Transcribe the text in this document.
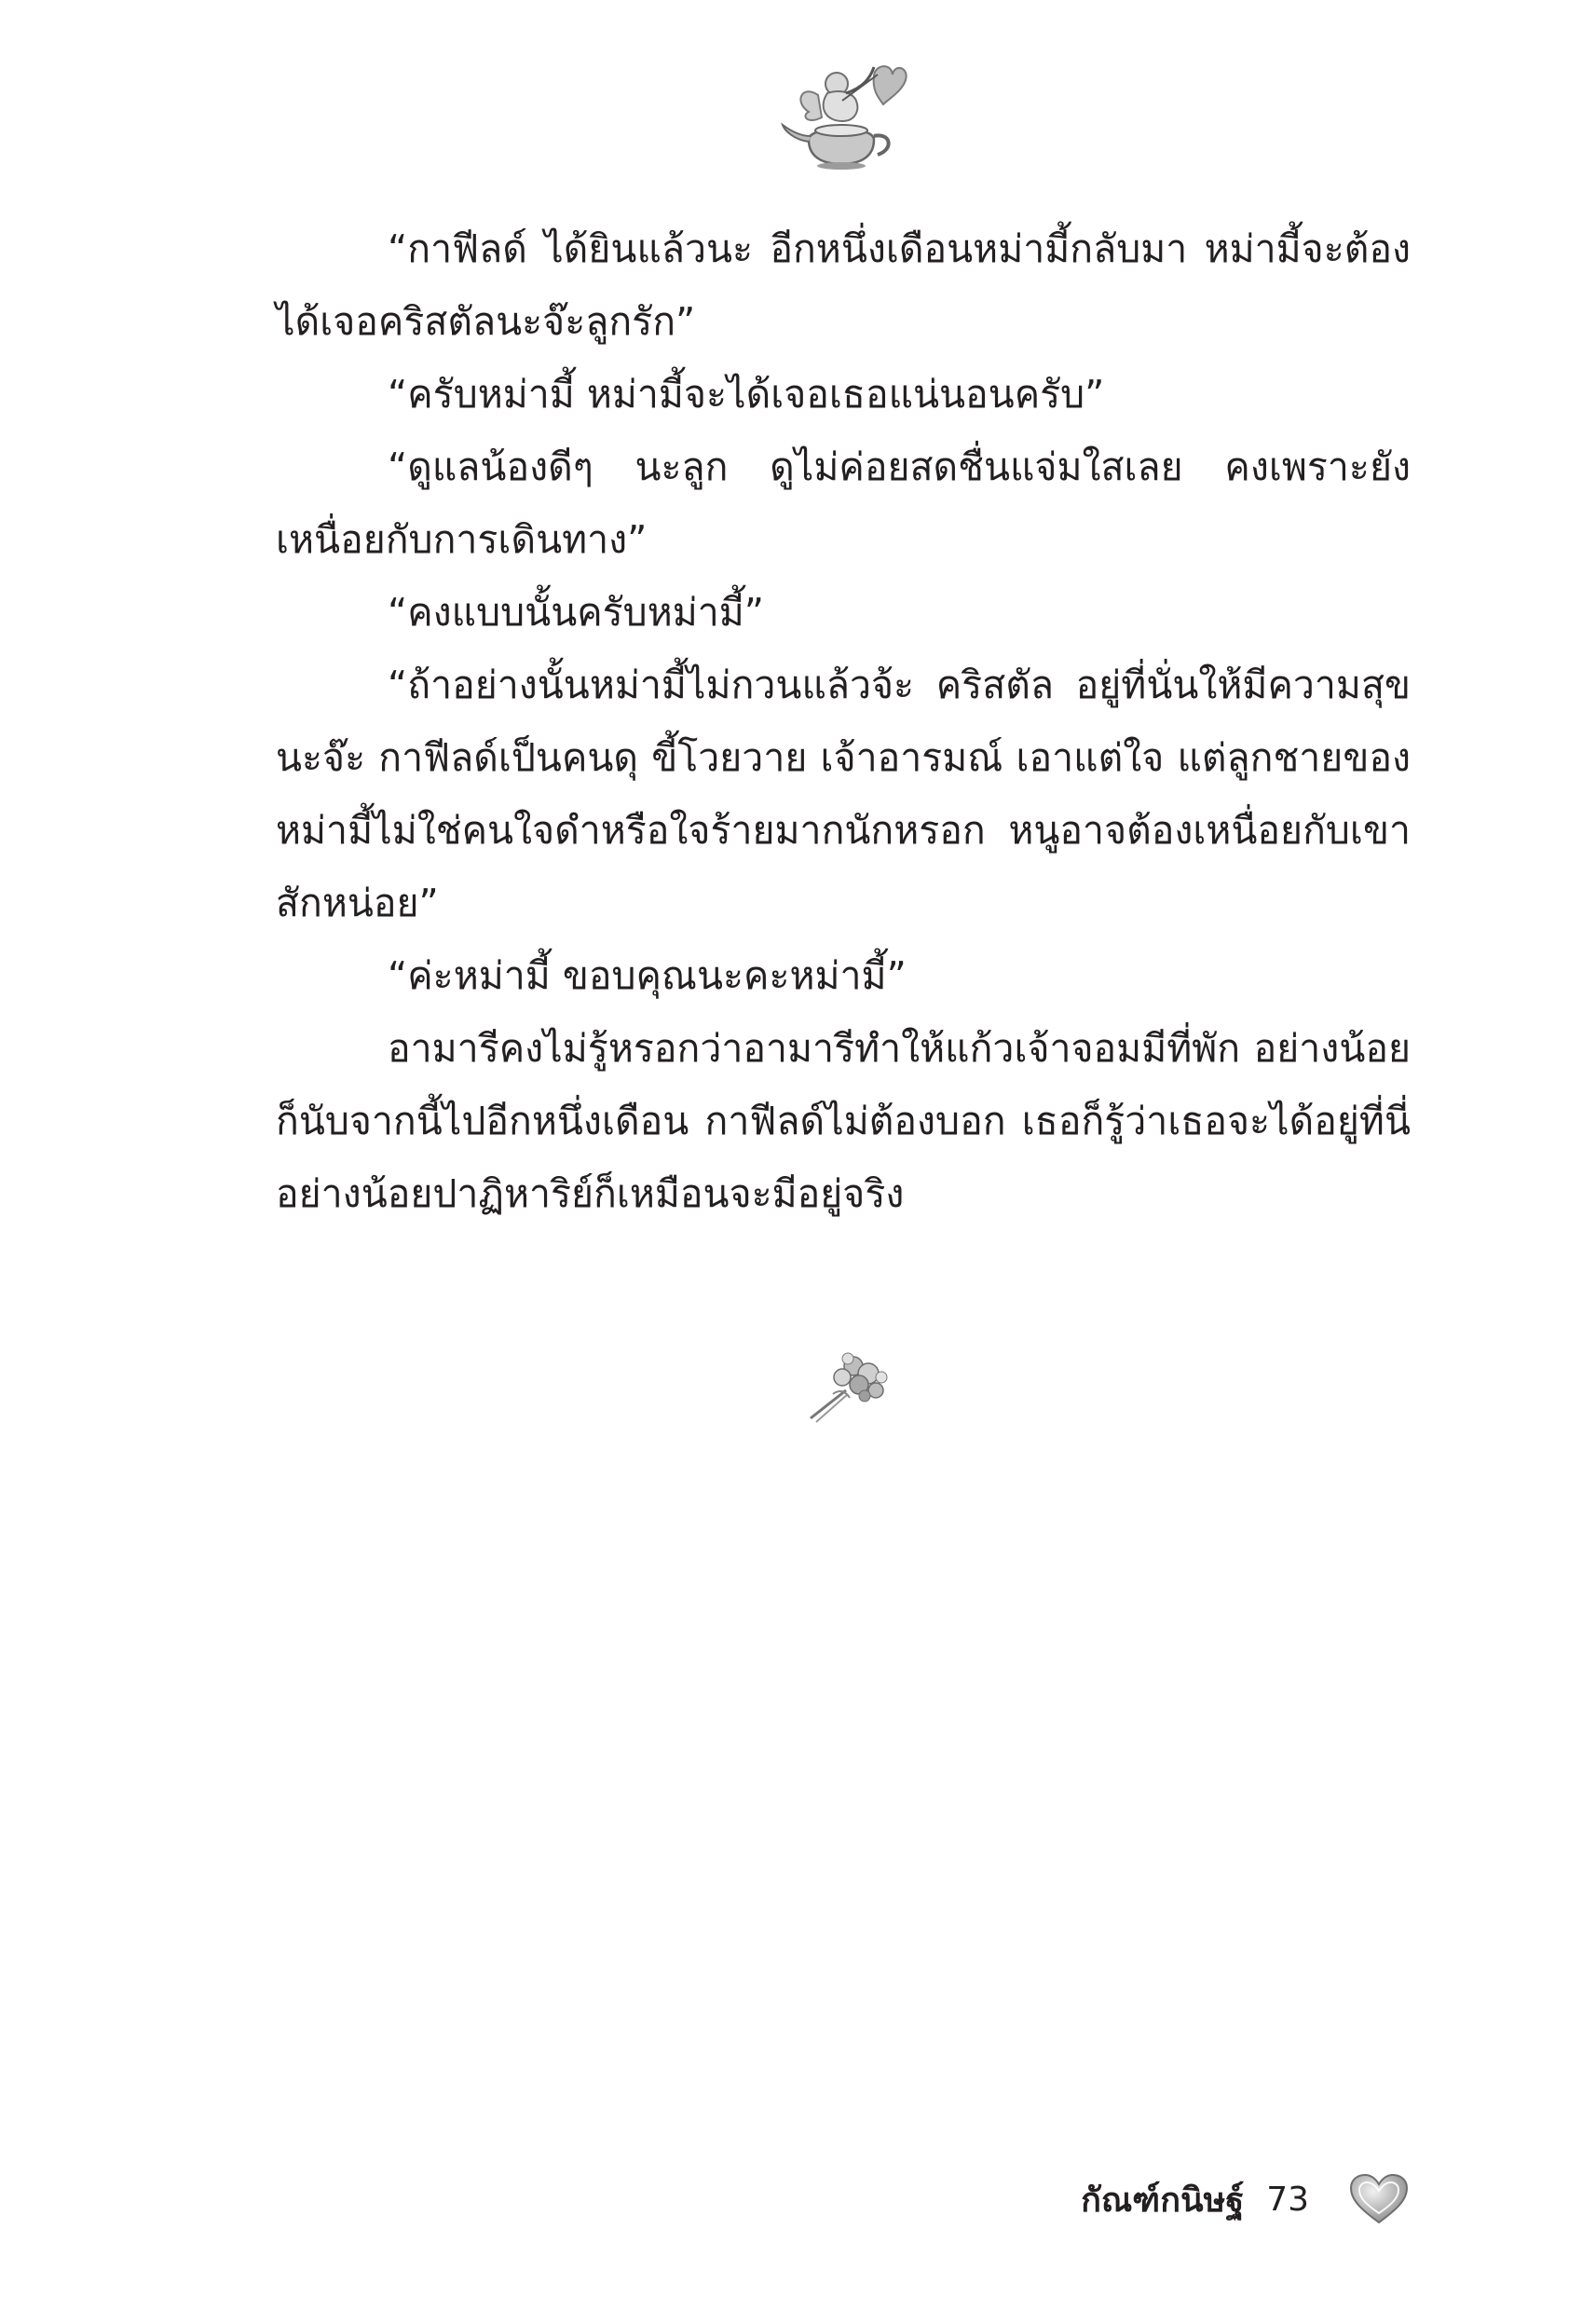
“กาฟีลด์ ได้ยินแล้วนะ อีกหนึ่งเดือนหม่ามี้กลับมา หม่ามี้จะต้องได้เจอคริสตัลนะจ๊ะลูกรัก”

“ครับหม่ามี้ หม่ามี้จะได้เจอเธอแน่นอนครับ”

“ดูแลน้องดีๆ นะลูก ดูไม่ค่อยสดชื่นแจ่มใสเลย คงเพราะยังเหนื่อยกับการเดินทาง”

“คงแบบนั้นครับหม่ามี้”

“ถ้าอย่างนั้นหม่ามี้ไม่กวนแล้วจ้ะ คริสตัล อยู่ที่นั่นให้มีความสุขนะจ๊ะ กาฟีลด์เป็นคนดุ ขี้โวยวาย เจ้าอารมณ์ เอาแต่ใจ แต่ลูกชายของหม่ามี้ไม่ใช่คนใจดำหรือใจร้ายมากนักหรอก หนูอาจต้องเหนื่อยกับเขาสักหน่อย”

“ค่ะหม่ามี้ ขอบคุณนะคะหม่ามี้”

อามารีคงไม่รู้หรอกว่าอามารีทำให้แก้วเจ้าจอมมีที่พัก อย่างน้อยก็นับจากนี้ไปอีกหนึ่งเดือน กาฟีลด์ไม่ต้องบอก เธอก็รู้ว่าเธอจะได้อยู่ที่นี่ อย่างน้อยปาฏิหาริย์ก็เหมือนจะมีอยู่จริง

กัณฑ์กนิษฐ์ 73
